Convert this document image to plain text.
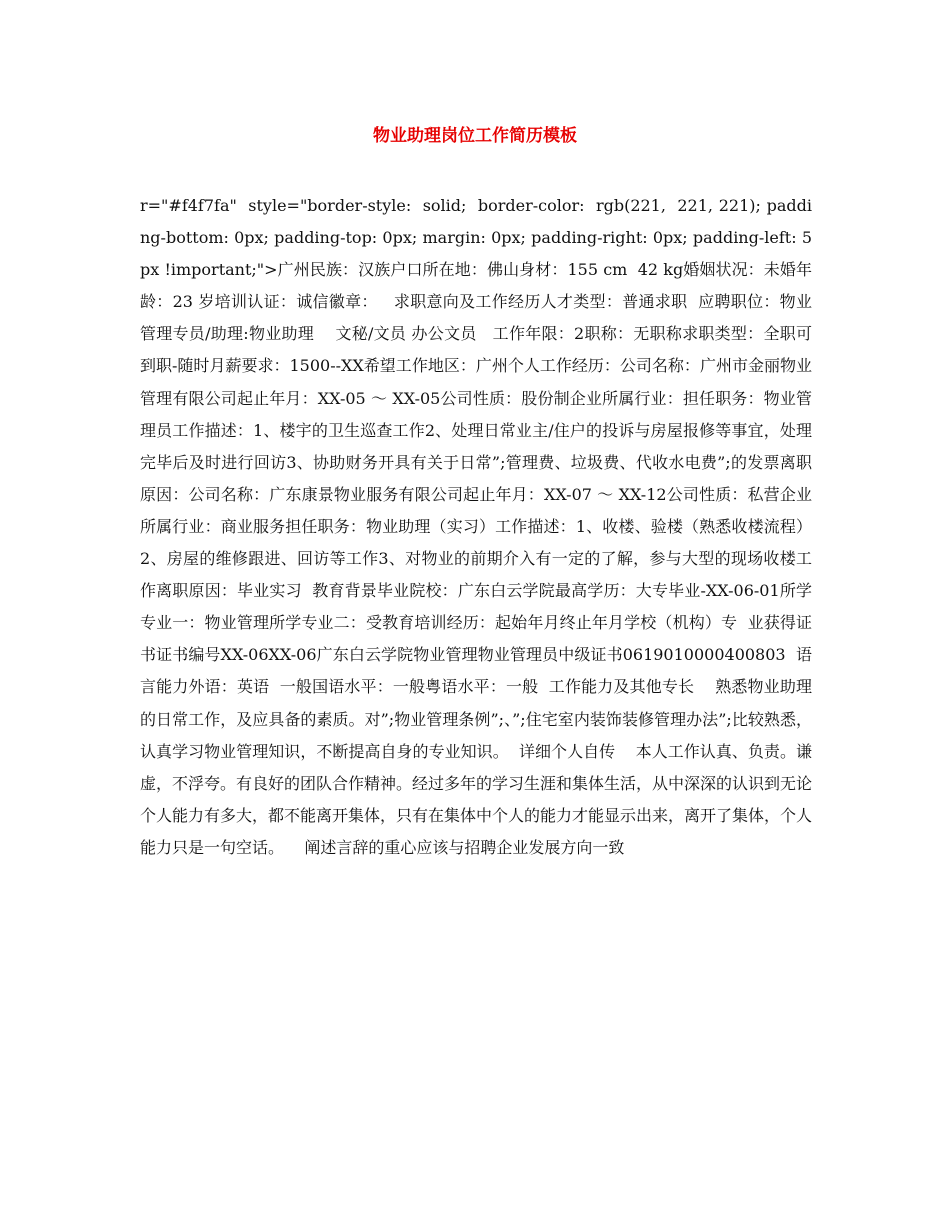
物业助理岗位工作简历模板

r="#f4f7fa"  style="border-style:  solid;  border-color:  rgb(221,  221, 221); padding-bottom: 0px; padding-top: 0px; margin: 0px; padding-right: 0px; padding-left: 5px !important;">广州民族：汉族户口所在地：佛山身材：155 cm  42 kg婚姻状况：未婚年龄：23 岁培训认证：诚信徽章：   求职意向及工作经历人才类型：普通求职  应聘职位：物业管理专员/助理:物业助理    文秘/文员 办公文员   工作年限：2职称：无职称求职类型：全职可到职-随时月薪要求：1500--XX希望工作地区：广州个人工作经历：公司名称：广州市金丽物业管理有限公司起止年月：XX-05 ～ XX-05公司性质：股份制企业所属行业：担任职务：物业管理员工作描述：1、楼宇的卫生巡查工作2、处理日常业主/住户的投诉与房屋报修等事宜，处理完毕后及时进行回访3、协助财务开具有关于日常”;管理费、垃圾费、代收水电费”;的发票离职原因：公司名称：广东康景物业服务有限公司起止年月：XX-07 ～ XX-12公司性质：私营企业所属行业：商业服务担任职务：物业助理（实习）工作描述：1、收楼、验楼（熟悉收楼流程）2、房屋的维修跟进、回访等工作3、对物业的前期介入有一定的了解，参与大型的现场收楼工作离职原因：毕业实习  教育背景毕业院校：广东白云学院最高学历：大专毕业-XX-06-01所学专业一：物业管理所学专业二：受教育培训经历：起始年月终止年月学校（机构）专  业获得证书证书编号XX-06XX-06广东白云学院物业管理物业管理员中级证书0619010000400803  语言能力外语：英语  一般国语水平：一般粤语水平：一般  工作能力及其他专长    熟悉物业助理的日常工作，及应具备的素质。对”;物业管理条例”;、”;住宅室内装饰装修管理办法”;比较熟悉，认真学习物业管理知识，不断提高自身的专业知识。  详细个人自传    本人工作认真、负责。谦虚，不浮夸。有良好的团队合作精神。经过多年的学习生涯和集体生活，从中深深的认识到无论个人能力有多大，都不能离开集体，只有在集体中个人的能力才能显示出来，离开了集体，个人能力只是一句空话。    阐述言辞的重心应该与招聘企业发展方向一致
